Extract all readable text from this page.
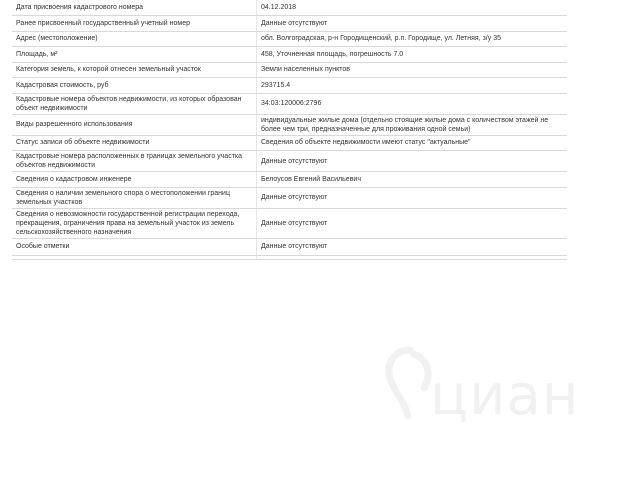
Дата присвоения кадастрового номера	04.12.2018
Ранее присвоенный государственный учетный номер	Данные отсутствуют
Адрес (местоположение)	обл. Волгоградская, р-н Городищенский, р.п. Городище, ул. Летняя, з/у 35
Площадь, м²	458, Уточненная площадь, погрешность 7.0
Категория земель, к которой отнесен земельный участок	Земли населенных пунктов
Кадастровая стоимость, руб	293715.4
Кадастровые номера объектов недвижимости, из которых образован объект недвижимости	34:03:120006:2796
Виды разрешенного использования	индивидуальные жилые дома (отдельно стоящие жилые дома с количеством этажей не более чем три, предназначенные для проживания одной семьи)
Статус записи об объекте недвижимости	Сведения об объекте недвижимости имеют статус "актуальные"
Кадастровые номера расположенных в границах земельного участка объектов недвижимости	Данные отсутствуют
Сведения о кадастровом инженере	Белоусов Евгений Васильевич
Сведения о наличии земельного спора о местоположении границ земельных участков	Данные отсутствуют
Сведения о невозможности государственной регистрации перехода, прекращения, ограничения права на земельный участок из земель сельскохозяйственного назначения	Данные отсутствуют
Особые отметки	Данные отсутствуют

циан
